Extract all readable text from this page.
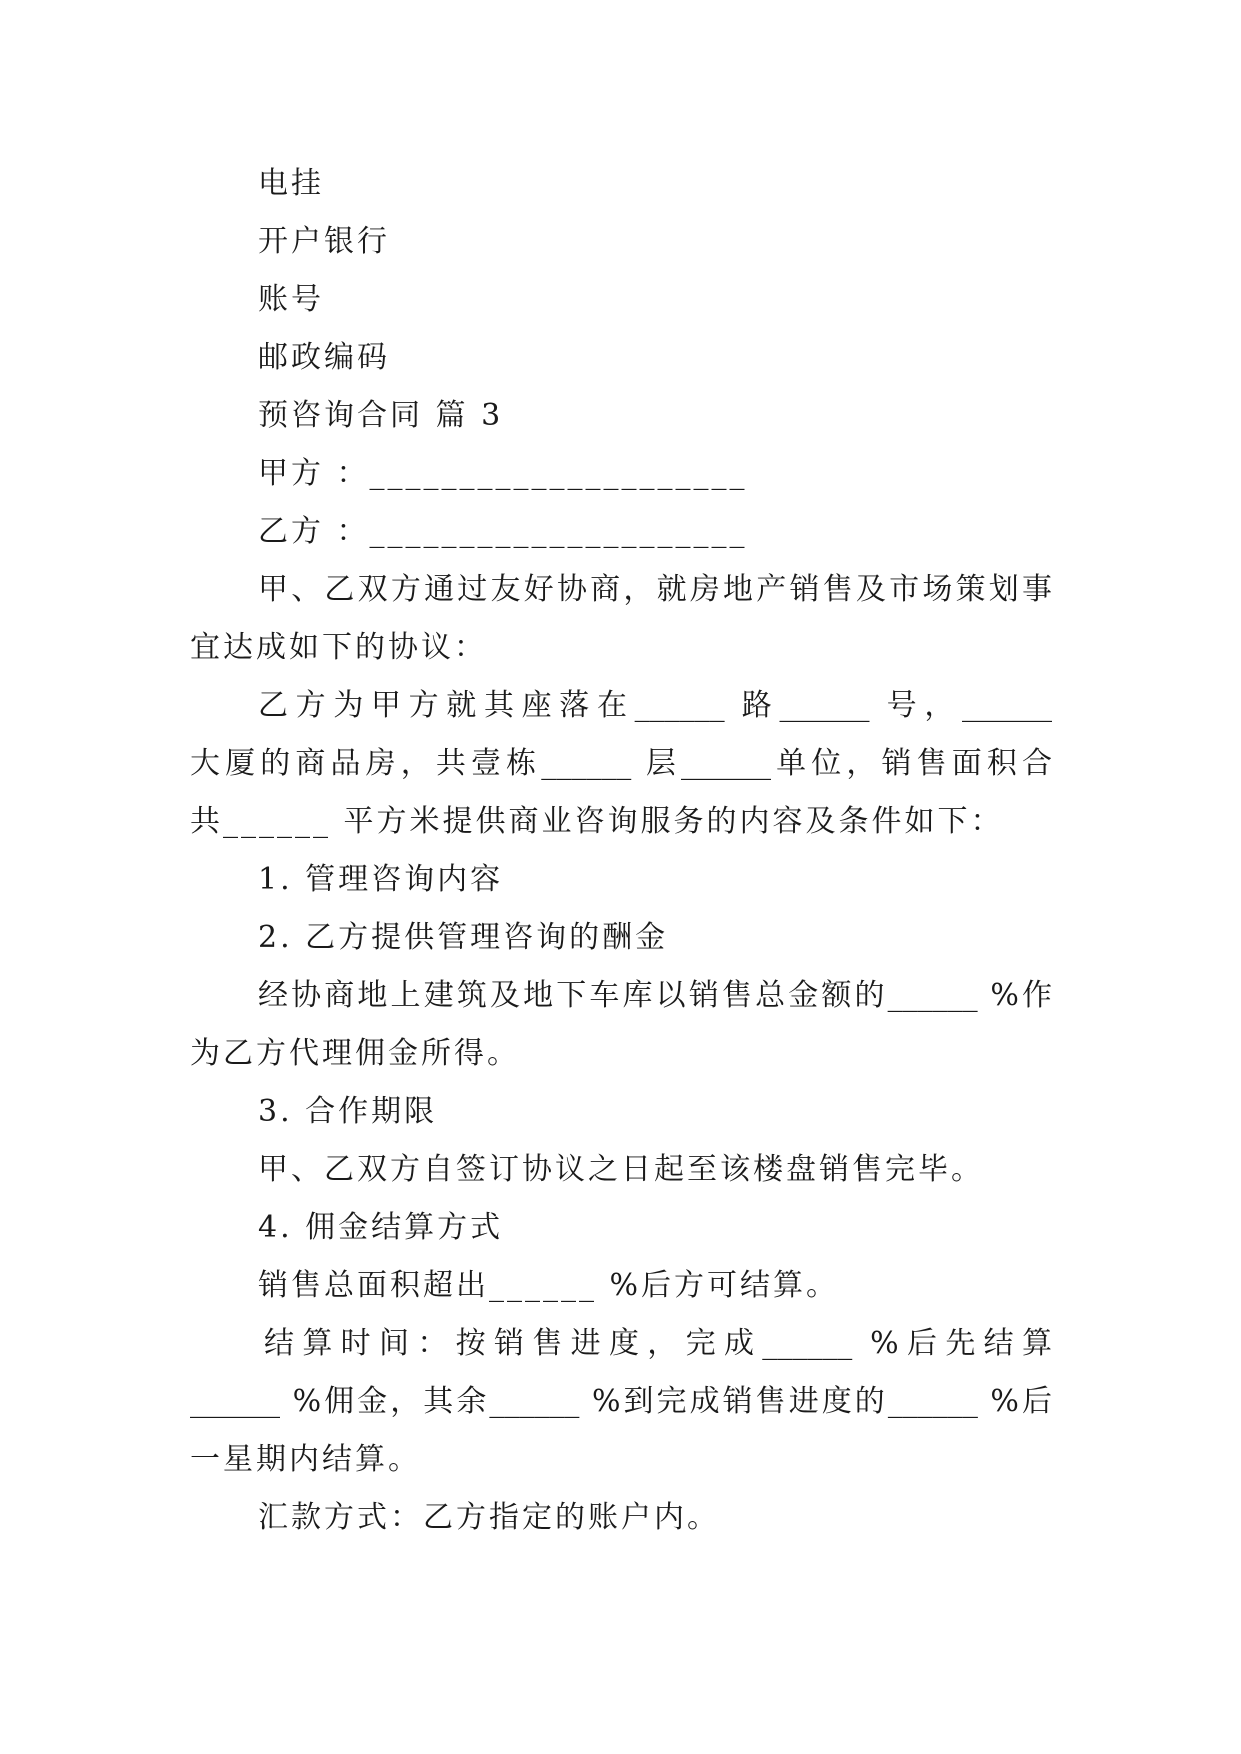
电挂
开户银行
账号
邮政编码
预咨询合同 篇 3
甲方 ：_____________________
乙方 ：_____________________
甲、乙双方通过友好协商，就房地产销售及市场策划事
宜达成如下的协议：
乙方为甲方就其座落在______ 路______ 号，______
大厦的商品房，共壹栋______ 层______单位，销售面积合
共______ 平方米提供商业咨询服务的内容及条件如下：
1. 管理咨询内容
2. 乙方提供管理咨询的酬金
经协商地上建筑及地下车库以销售总金额的______ %作
为乙方代理佣金所得。
3. 合作期限
甲、乙双方自签订协议之日起至该楼盘销售完毕。
4. 佣金结算方式
销售总面积超出______ %后方可结算。
结算时间：按销售进度，完成______ %后先结算
______ %佣金，其余______ %到完成销售进度的______ %后
一星期内结算。
汇款方式：乙方指定的账户内。
